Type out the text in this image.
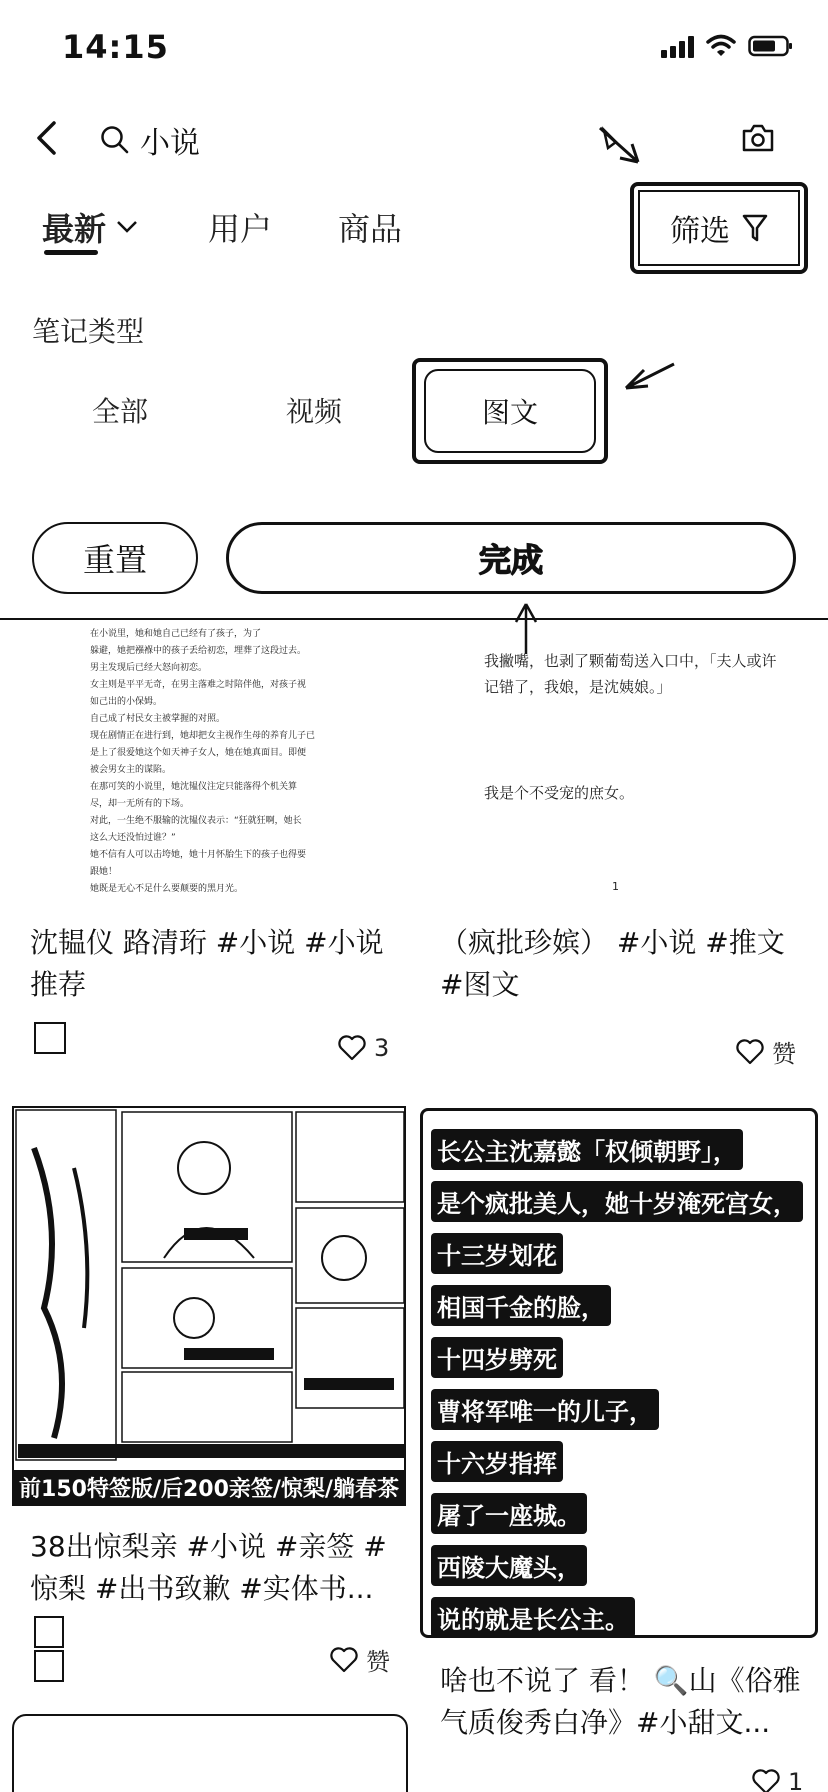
14:15
小说
最新	用户 商品	筛选
笔记类型
全部	视频	图文
重置	完成
在小说里，她和她自己已经有了孩子，为了
躲避，她把襁褓中的孩子丢给初恋，埋葬了这段过去。
男主发现后已经大怒向初恋。
女主则是平平无奇，在男主落难之时陪伴他，对孩子视
如己出的小保姆。
自己成了村民女主被掌握的对照。
现在剧情正在进行到，她却把女主视作生母的养育儿子已
是上了很爱她这个如天神子女人，她在她真面目。即便
被会男女主的谋陷。
在那可笑的小说里，她沈韫仪注定只能落得个机关算
尽，却一无所有的下场。
对此，一生绝不服输的沈韫仪表示：“狂就狂啊，她长
这么大还没怕过谁？”
她不信有人可以击垮她，她十月怀胎生下的孩子也得要
跟她！
她既是无心不足什么要颠要的黑月光。
沈韫仪 路清珩 #小说 #小说推荐
3
我撇嘴，也剥了颗葡萄送入口中，「夫人或许记错了，我娘，是沈姨娘。」
我是个不受宠的庶女。
1
（疯批珍嫔） #小说 #推文 #图文
赞
前150特签版/后200亲签/惊梨/躺春茶
38出惊梨亲 #小说 #亲签 #惊梨 #出书致歉 #实体书...
赞
长公主沈嘉懿「权倾朝野」，
是个疯批美人，她十岁淹死宫女，
十三岁划花
相国千金的脸，
十四岁劈死
曹将军唯一的儿子，
十六岁指挥
屠了一座城。
西陵大魔头，
说的就是长公主。
啥也不说了 看！ 🔍山《俗雅气质俊秀白净》#小甜文...
1
